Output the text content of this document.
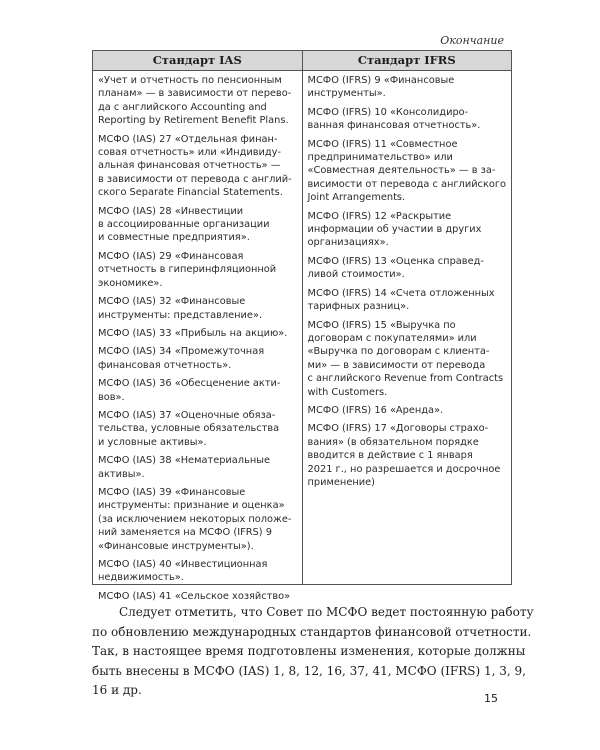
Окончание
Стандарт IAS	Стандарт IFRS
«Учет и отчетность по пенсионным
планам» — в зависимости от перево-
да с английского Accounting and
Reporting by Retirement Benefit Plans.
МСФО (IAS) 27 «Отдельная финан-
совая отчетность» или «Индивиду-
альная финансовая отчетность» —
в зависимости от перевода с англий-
ского Separate Financial Statements.
МСФО (IAS) 28 «Инвестиции
в ассоциированные организации
и совместные предприятия».
МСФО (IAS) 29 «Финансовая
отчетность в гиперинфляционной
экономике».
МСФО (IAS) 32 «Финансовые
инструменты: представление».
МСФО (IAS) 33 «Прибыль на акцию».
МСФО (IAS) 34 «Промежуточная
финансовая отчетность».
МСФО (IAS) 36 «Обесценение акти-
вов».
МСФО (IAS) 37 «Оценочные обяза-
тельства, условные обязательства
и условные активы».
МСФО (IAS) 38 «Нематериальные
активы».
МСФО (IAS) 39 «Финансовые
инструменты: признание и оценка»
(за исключением некоторых положе-
ний заменяется на МСФО (IFRS) 9
«Финансовые инструменты»).
МСФО (IAS) 40 «Инвестиционная
недвижимость».
МСФО (IAS) 41 «Сельское хозяйство»
МСФО (IFRS) 9 «Финансовые
инструменты».
МСФО (IFRS) 10 «Консолидиро-
ванная финансовая отчетность».
МСФО (IFRS) 11 «Совместное
предпринимательство» или
«Совместная деятельность» — в за-
висимости от перевода с английского
Joint Arrangements.
МСФО (IFRS) 12 «Раскрытие
информации об участии в других
организациях».
МСФО (IFRS) 13 «Оценка справед-
ливой стоимости».
МСФО (IFRS) 14 «Счета отложенных
тарифных разниц».
МСФО (IFRS) 15 «Выручка по
договорам с покупателями» или
«Выручка по договорам с клиента-
ми» — в зависимости от перевода
с английского Revenue from Contracts
with Customers.
МСФО (IFRS) 16 «Аренда».
МСФО (IFRS) 17 «Договоры страхо-
вания» (в обязательном порядке
вводится в действие с 1 января
2021 г., но разрешается и досрочное
применение)
Следует отметить, что Совет по МСФО ведет постоянную работу
по обновлению международных стандартов финансовой отчетности.
Так, в настоящее время подготовлены изменения, которые должны
быть внесены в МСФО (IAS) 1, 8, 12, 16, 37, 41, МСФО (IFRS) 1, 3, 9,
16 и др.
15
